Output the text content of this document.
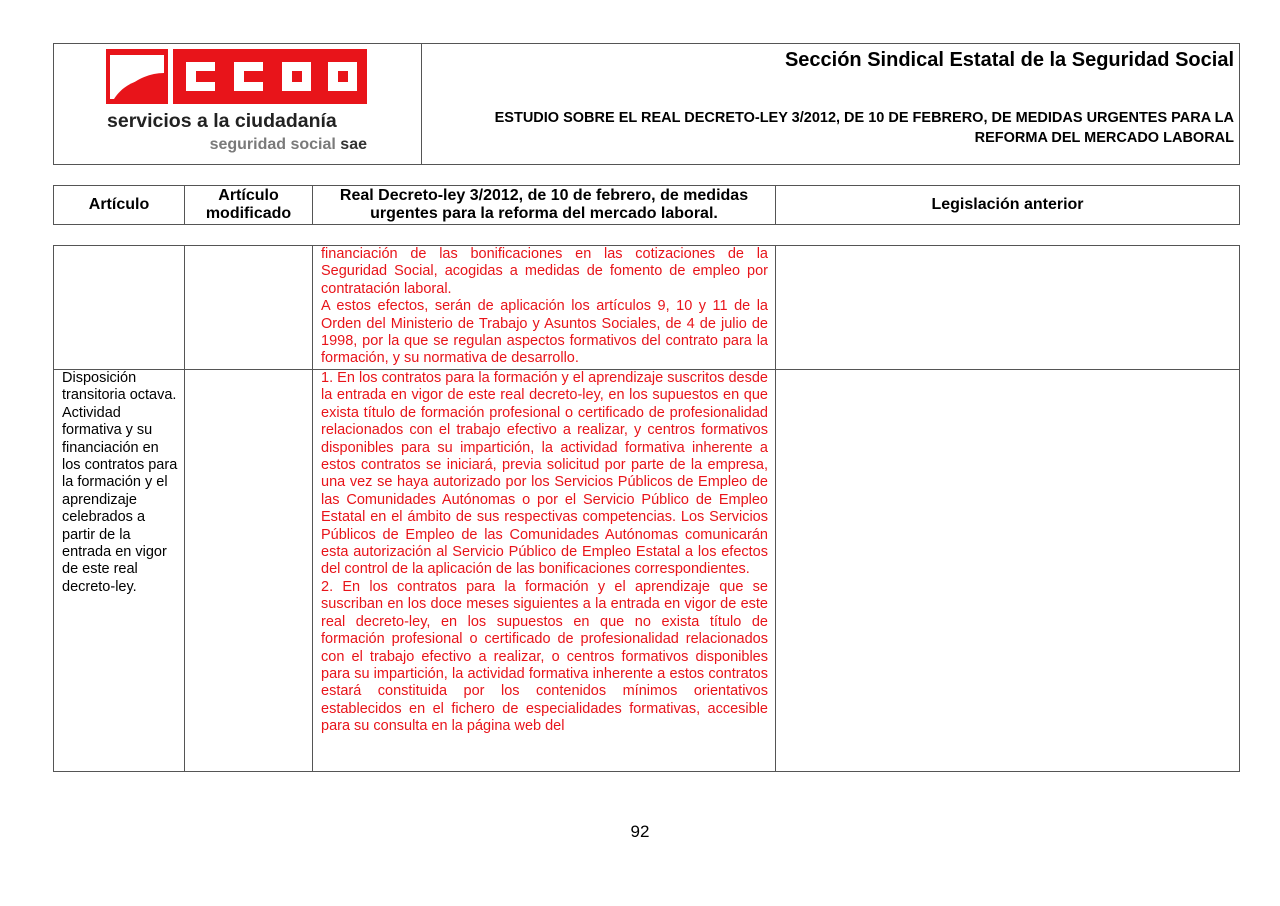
servicios a la ciudadanía
seguridad social sae
Sección Sindical Estatal de la Seguridad Social
ESTUDIO SOBRE EL REAL DECRETO-LEY 3/2012, DE 10 DE FEBRERO, DE MEDIDAS URGENTES PARA LA REFORMA DEL MERCADO LABORAL
Artículo
Artículo modificado
Real Decreto-ley 3/2012, de 10 de febrero, de medidas urgentes para la reforma del mercado laboral.
Legislación anterior

financiación de las bonificaciones en las cotizaciones de la Seguridad Social, acogidas a medidas de fomento de empleo por contratación laboral.

A estos efectos, serán de aplicación los artículos 9, 10 y 11 de la Orden del Ministerio de Trabajo y Asuntos Sociales, de 4 de julio de 1998, por la que se regulan aspectos formativos del contrato para la formación, y su normativa de desarrollo.

Disposición transitoria octava. Actividad formativa y su financiación en los contratos para la formación y el aprendizaje celebrados a partir de la entrada en vigor de este real decreto-ley.

1. En los contratos para la formación y el aprendizaje suscritos desde la entrada en vigor de este real decreto-ley, en los supuestos en que exista título de formación profesional o certificado de profesionalidad relacionados con el trabajo efectivo a realizar, y centros formativos disponibles para su impartición, la actividad formativa inherente a estos contratos se iniciará, previa solicitud por parte de la empresa, una vez se haya autorizado por los Servicios Públicos de Empleo de las Comunidades Autónomas o por el Servicio Público de Empleo Estatal en el ámbito de sus respectivas competencias. Los Servicios Públicos de Empleo de las Comunidades Autónomas comunicarán esta autorización al Servicio Público de Empleo Estatal a los efectos del control de la aplicación de las bonificaciones correspondientes.

2. En los contratos para la formación y el aprendizaje que se suscriban en los doce meses siguientes a la entrada en vigor de este real decreto-ley, en los supuestos en que no exista título de formación profesional o certificado de profesionalidad relacionados con el trabajo efectivo a realizar, o centros formativos disponibles para su impartición, la actividad formativa inherente a estos contratos estará constituida por los contenidos mínimos orientativos establecidos en el fichero de especialidades formativas, accesible para su consulta en la página web del

92
